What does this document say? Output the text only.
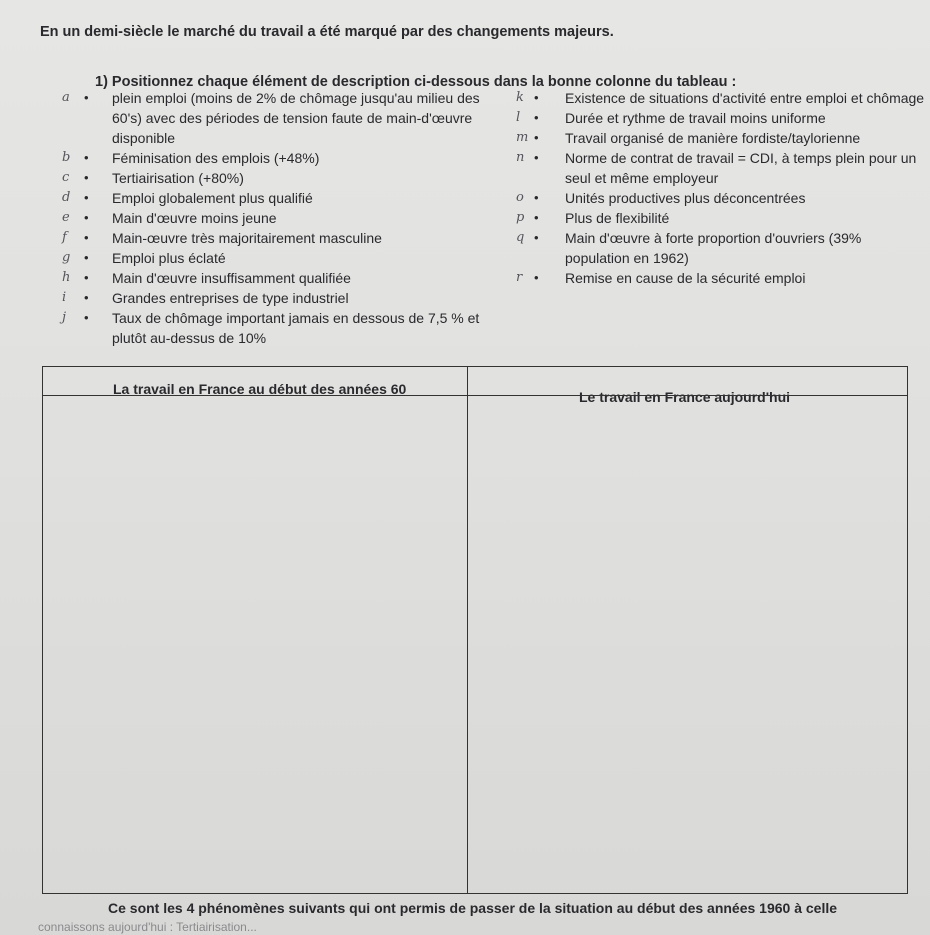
En un demi-siècle le marché du travail a été marqué par des changements majeurs.
1) Positionnez chaque élément de description ci-dessous dans la bonne colonne du tableau :
a	• plein emploi (moins de 2% de chômage jusqu'au milieu des 60's) avec des périodes de tension faute de main-d'œuvre disponible
b	• Féminisation des emplois (+48%)
c	• Tertiairisation (+80%)
d	• Emploi globalement plus qualifié
e	• Main d'œuvre moins jeune
f	• Main-œuvre très majoritairement masculine
g	• Emploi plus éclaté
h	• Main d'œuvre insuffisamment qualifiée
i	• Grandes entreprises de type industriel
j	• Taux de chômage important jamais en dessous de 7,5 % et plutôt au-dessus de 10%
k • Existence de situations d'activité entre emploi et chômage
l	• Durée et rythme de travail moins uniforme
m • Travail organisé de manière fordiste/taylorienne
n • Norme de contrat de travail = CDI, à temps plein pour un seul et même employeur
o • Unités productives plus déconcentrées
p • Plus de flexibilité
q • Main d'œuvre à forte proportion d'ouvriers (39% population en 1962)
r • Remise en cause de la sécurité emploi
La travail en France au début des années 60	Le travail en France aujourd'hui
Ce sont les 4 phénomènes suivants qui ont permis de passer de la situation au début des années 1960 à celle
connaissons aujourd'hui : Tertiairisation...
